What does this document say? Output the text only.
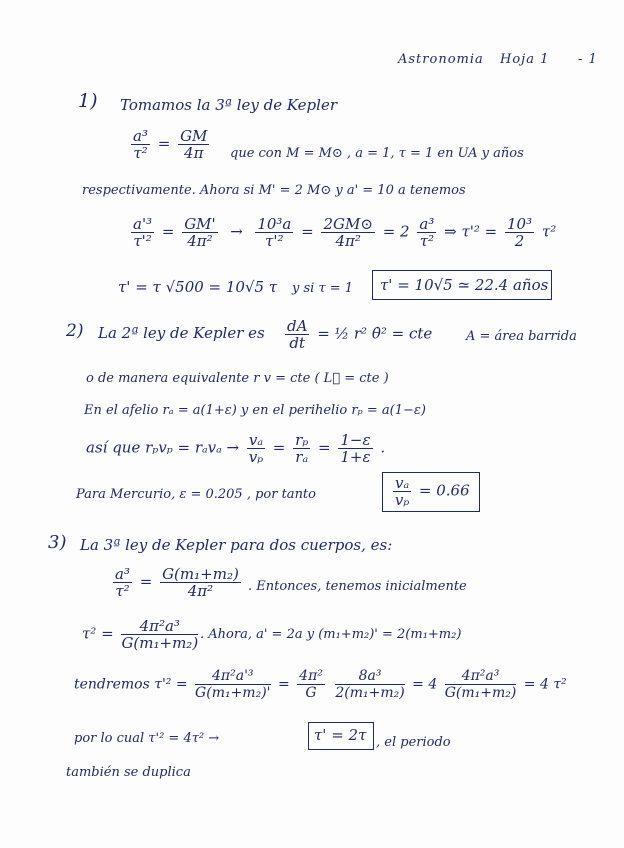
Astronomia Hoja 1 - 1
1) Tomamos la 3ª ley de Kepler
$\frac{\text{a³}}{\text{τ²}} = \frac{GM}{4\pi}$ que con M = M⊙ , a = 1, τ = 1 en UA y años
respectivamente. Ahora si M' = 2 M⊙ y a' = 10 a tenemos
$\frac{\text{a'³}}{\text{τ'²}} = \frac{GM'}{\text{4π²}} \to \frac{\text{10³a}}{\text{τ'²}} = \frac{2GM⊙}{\text{4π²}} = 2 \frac{\text{a³}}{\text{τ²}}$ ⇒ $\tau'^2 = \frac{\text{10³}}{2} \tau^2$
τ' = τ √500 = 10√5 τ y si τ = 1 τ' = 10√5 ≃ 22.4 años
2) La 2ª ley de Kepler es $\frac{dA}{dt}$ = ½ r² θ̇² = cte	A = área barrida
o de manera equivalente r v = cte ( L⃗ = cte )
En el afelio rₐ = a(1+ε) y en el perihelio rₚ = a(1−ε)
así que $r_pv_p = r_av_a \to \frac{\text{vₐ}}{\text{vₚ}} = \frac{\text{rₚ}}{\text{rₐ}} = \frac{1-\varepsilon}{1+\varepsilon}$ .
Para Mercurio, ε = 0.205 , por tanto	$\frac{\text{vₐ}}{\text{vₚ}} = 0.66$
3) La 3ª ley de Kepler para dos cuerpos, es:
$\frac{\text{a³}}{\text{τ²}} = \frac{\text{G(m₁+m₂)}}{\text{4π²}}$ . Entonces, tenemos inicialmente
$\tau^2 = \frac{\text{4π²a³}}{\text{G(m₁+m₂)}}$ . Ahora, a' = 2a y (m₁+m₂)' = 2(m₁+m₂)
tendremos $\tau'^2 = \frac{\text{4π²a'³}}{\text{G(m₁+m₂)'}} = \frac{\text{4π²}}{G}$
$\frac{\text{8a³}}{\text{2(m₁+m₂)}} = 4 \frac{\text{4π²a³}}{\text{G(m₁+m₂)}} = 4$ τ²
por lo cual τ'² = 4τ² →	τ' = 2τ , el periodo
también se duplica
